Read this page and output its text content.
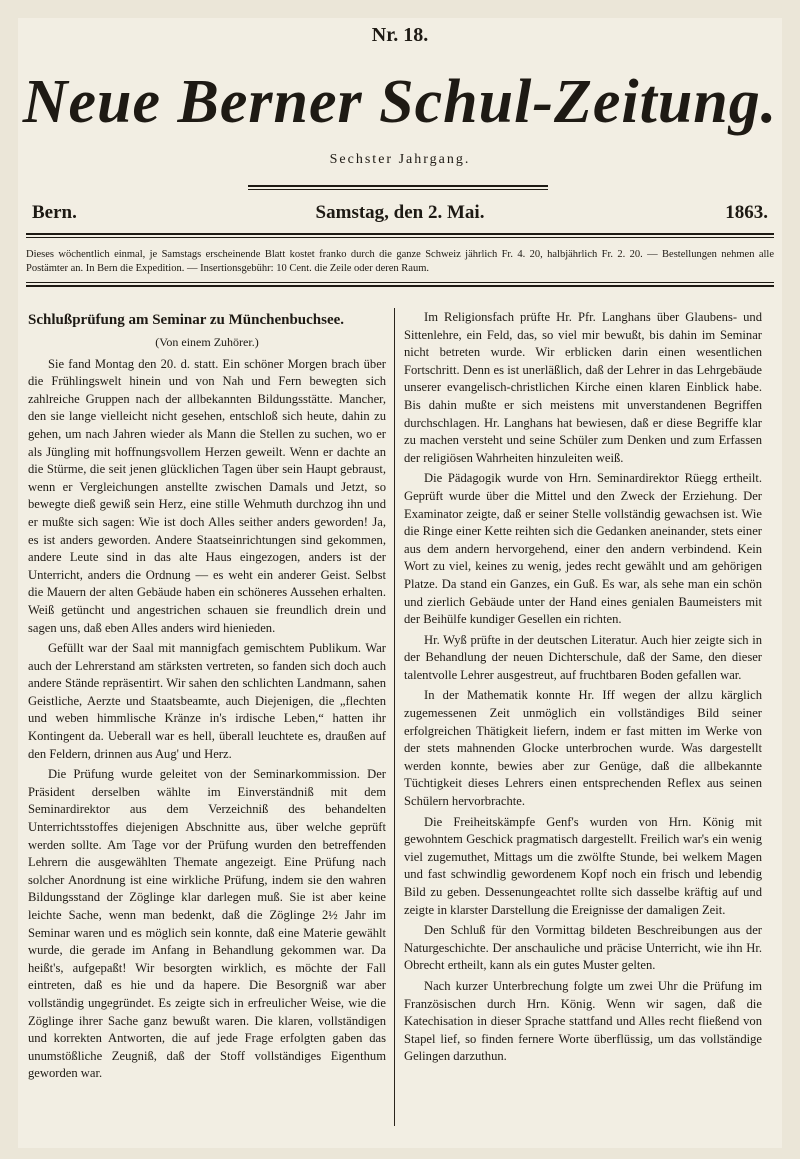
Nr. 18.
Neue Berner Schul-Zeitung.
Sechster Jahrgang.
Bern.	Samstag, den 2. Mai.	1863.
Dieses wöchentlich einmal, je Samstags erscheinende Blatt kostet franko durch die ganze Schweiz jährlich Fr. 4. 20, halbjährlich Fr. 2. 20. — Bestellungen nehmen alle Postämter an. In Bern die Expedition. — Insertionsgebühr: 10 Cent. die Zeile oder deren Raum.

Schlußprüfung am Seminar zu Münchenbuchsee.

(Von einem Zuhörer.)

Sie fand Montag den 20. d. statt. Ein schöner Morgen brach über die Frühlingswelt hinein und von Nah und Fern bewegten sich zahlreiche Gruppen nach der allbekannten Bildungsstätte. Mancher, den sie lange vielleicht nicht gesehen, entschloß sich heute, dahin zu gehen, um nach Jahren wieder als Mann die Stellen zu suchen, wo er als Jüngling mit hoffnungsvollem Herzen geweilt. Wenn er dachte an die Stürme, die seit jenen glücklichen Tagen über sein Haupt gebraust, wenn er Vergleichungen anstellte zwischen Damals und Jetzt, so bewegte dieß gewiß sein Herz, eine stille Wehmuth durchzog ihn und er mußte sich sagen: Wie ist doch Alles seither anders geworden! Ja, es ist anders geworden. Andere Staatseinrichtungen sind gekommen, andere Leute sind in das alte Haus eingezogen, anders ist der Unterricht, anders die Ordnung — es weht ein anderer Geist. Selbst die Mauern der alten Gebäude haben ein schöneres Aussehen erhalten. Weiß getüncht und angestrichen schauen sie freundlich drein und sagen uns, daß eben Alles anders wird hienieden.

Gefüllt war der Saal mit mannigfach gemischtem Publikum. War auch der Lehrerstand am stärksten vertreten, so fanden sich doch auch andere Stände repräsentirt. Wir sahen den schlichten Landmann, sahen Geistliche, Aerzte und Staatsbeamte, auch Diejenigen, die „flechten und weben himmlische Kränze in's irdische Leben,“ hatten ihr Kontingent da. Ueberall war es hell, überall leuchtete es, draußen auf den Feldern, drinnen aus Aug' und Herz.

Die Prüfung wurde geleitet von der Seminarkommission. Der Präsident derselben wählte im Einverständniß mit dem Seminardirektor aus dem Verzeichniß des behandelten Unterrichtsstoffes diejenigen Abschnitte aus, über welche geprüft werden sollte. Am Tage vor der Prüfung wurden den betreffenden Lehrern die ausgewählten Themate angezeigt. Eine Prüfung nach solcher Anordnung ist eine wirkliche Prüfung, indem sie den wahren Bildungsstand der Zöglinge klar darlegen muß. Sie ist aber keine leichte Sache, wenn man bedenkt, daß die Zöglinge 2½ Jahr im Seminar waren und es möglich sein konnte, daß eine Materie gewählt wurde, die gerade im Anfang in Behandlung gekommen war. Da heißt's, aufgepaßt! Wir besorgten wirklich, es möchte der Fall eintreten, daß es hie und da hapere. Die Besorgniß war aber vollständig ungegründet. Es zeigte sich in erfreulicher Weise, wie die Zöglinge ihrer Sache ganz bewußt waren. Die klaren, vollständigen und korrekten Antworten, die auf jede Frage erfolgten gaben das unumstößliche Zeugniß, daß der Stoff vollständiges Eigenthum geworden war.

Im Religionsfach prüfte Hr. Pfr. Langhans über Glaubens- und Sittenlehre, ein Feld, das, so viel mir bewußt, bis dahin im Seminar nicht betreten wurde. Wir erblicken darin einen wesentlichen Fortschritt. Denn es ist unerläßlich, daß der Lehrer in das Lehrgebäude unserer evangelisch-christlichen Kirche einen klaren Einblick habe. Bis dahin mußte er sich meistens mit unverstandenen Begriffen durchschlagen. Hr. Langhans hat bewiesen, daß er diese Begriffe klar zu machen versteht und seine Schüler zum Denken und zum Erfassen der religiösen Wahrheiten hinzuleiten weiß.

Die Pädagogik wurde von Hrn. Seminardirektor Rüegg ertheilt. Geprüft wurde über die Mittel und den Zweck der Erziehung. Der Examinator zeigte, daß er seiner Stelle vollständig gewachsen ist. Wie die Ringe einer Kette reihten sich die Gedanken aneinander, stets einer aus dem andern hervorgehend, einer den andern verbindend. Kein Wort zu viel, keines zu wenig, jedes recht gewählt und am gehörigen Platze. Da stand ein Ganzes, ein Guß. Es war, als sehe man ein schön und zierlich Gebäude unter der Hand eines genialen Baumeisters mit der Beihülfe kundiger Gesellen ein richten.

Hr. Wyß prüfte in der deutschen Literatur. Auch hier zeigte sich in der Behandlung der neuen Dichterschule, daß der Same, den dieser talentvolle Lehrer ausgestreut, auf fruchtbaren Boden gefallen war.

In der Mathematik konnte Hr. Iff wegen der allzu kärglich zugemessenen Zeit unmöglich ein vollständiges Bild seiner erfolgreichen Thätigkeit liefern, indem er fast mitten im Werke von der stets mahnenden Glocke unterbrochen wurde. Was dargestellt werden konnte, bewies aber zur Genüge, daß die allbekannte Tüchtigkeit dieses Lehrers einen entsprechenden Reflex aus seinen Schülern hervorbrachte.

Die Freiheitskämpfe Genf's wurden von Hrn. König mit gewohntem Geschick pragmatisch dargestellt. Freilich war's ein wenig viel zugemuthet, Mittags um die zwölfte Stunde, bei welkem Magen und fast schwindlig gewordenem Kopf noch ein frisch und lebendig Bild zu geben. Dessenungeachtet rollte sich dasselbe kräftig auf und zeigte in klarster Darstellung die Ereignisse der damaligen Zeit.

Den Schluß für den Vormittag bildeten Beschreibungen aus der Naturgeschichte. Der anschauliche und präcise Unterricht, wie ihn Hr. Obrecht ertheilt, kann als ein gutes Muster gelten.

Nach kurzer Unterbrechung folgte um zwei Uhr die Prüfung im Französischen durch Hrn. König. Wenn wir sagen, daß die Katechisation in dieser Sprache stattfand und Alles recht fließend von Stapel lief, so finden fernere Worte überflüssig, um das vollständige Gelingen darzuthun.
